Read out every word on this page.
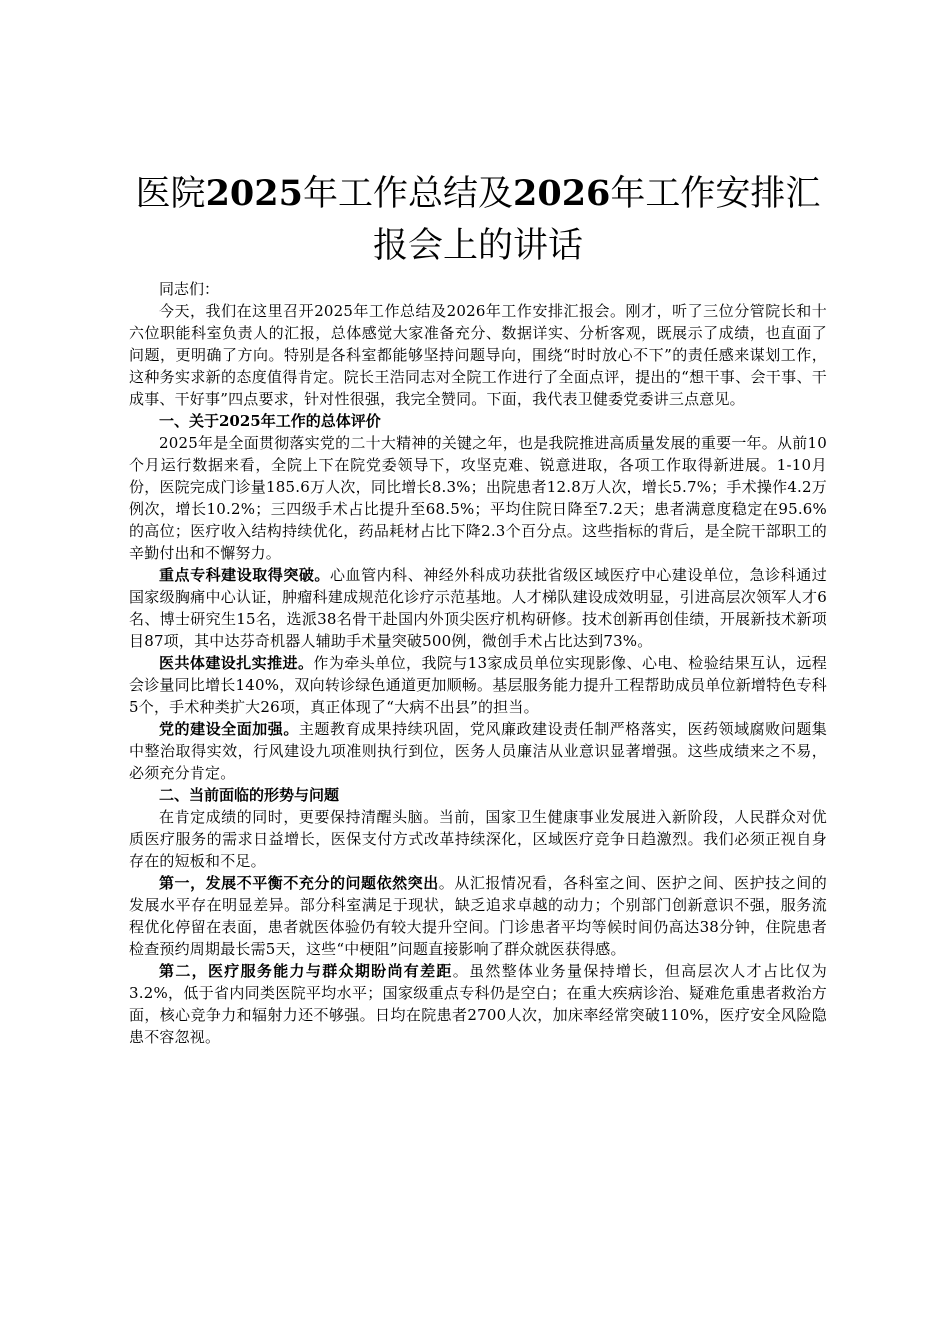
医院2025年工作总结及2026年工作安排汇报会上的讲话

同志们：

今天，我们在这里召开2025年工作总结及2026年工作安排汇报会。刚才，听了三位分管院长和十六位职能科室负责人的汇报，总体感觉大家准备充分、数据详实、分析客观，既展示了成绩，也直面了问题，更明确了方向。特别是各科室都能够坚持问题导向，围绕“时时放心不下”的责任感来谋划工作，这种务实求新的态度值得肯定。院长王浩同志对全院工作进行了全面点评，提出的“想干事、会干事、干成事、干好事”四点要求，针对性很强，我完全赞同。下面，我代表卫健委党委讲三点意见。

一、关于2025年工作的总体评价

2025年是全面贯彻落实党的二十大精神的关键之年，也是我院推进高质量发展的重要一年。从前10个月运行数据来看，全院上下在院党委领导下，攻坚克难、锐意进取，各项工作取得新进展。1-10月份，医院完成门诊量185.6万人次，同比增长8.3%；出院患者12.8万人次，增长5.7%；手术操作4.2万例次，增长10.2%；三四级手术占比提升至68.5%；平均住院日降至7.2天；患者满意度稳定在95.6%的高位；医疗收入结构持续优化，药品耗材占比下降2.3个百分点。这些指标的背后，是全院干部职工的辛勤付出和不懈努力。

重点专科建设取得突破。心血管内科、神经外科成功获批省级区域医疗中心建设单位，急诊科通过国家级胸痛中心认证，肿瘤科建成规范化诊疗示范基地。人才梯队建设成效明显，引进高层次领军人才6名、博士研究生15名，选派38名骨干赴国内外顶尖医疗机构研修。技术创新再创佳绩，开展新技术新项目87项，其中达芬奇机器人辅助手术量突破500例，微创手术占比达到73%。

医共体建设扎实推进。作为牵头单位，我院与13家成员单位实现影像、心电、检验结果互认，远程会诊量同比增长140%，双向转诊绿色通道更加顺畅。基层服务能力提升工程帮助成员单位新增特色专科5个，手术种类扩大26项，真正体现了“大病不出县”的担当。

党的建设全面加强。主题教育成果持续巩固，党风廉政建设责任制严格落实，医药领域腐败问题集中整治取得实效，行风建设九项准则执行到位，医务人员廉洁从业意识显著增强。这些成绩来之不易，必须充分肯定。

二、当前面临的形势与问题

在肯定成绩的同时，更要保持清醒头脑。当前，国家卫生健康事业发展进入新阶段，人民群众对优质医疗服务的需求日益增长，医保支付方式改革持续深化，区域医疗竞争日趋激烈。我们必须正视自身存在的短板和不足。

第一，发展不平衡不充分的问题依然突出。从汇报情况看，各科室之间、医护之间、医护技之间的发展水平存在明显差异。部分科室满足于现状，缺乏追求卓越的动力；个别部门创新意识不强，服务流程优化停留在表面，患者就医体验仍有较大提升空间。门诊患者平均等候时间仍高达38分钟，住院患者检查预约周期最长需5天，这些“中梗阻”问题直接影响了群众就医获得感。

第二，医疗服务能力与群众期盼尚有差距。虽然整体业务量保持增长，但高层次人才占比仅为3.2%，低于省内同类医院平均水平；国家级重点专科仍是空白；在重大疾病诊治、疑难危重患者救治方面，核心竞争力和辐射力还不够强。日均在院患者2700人次，加床率经常突破110%，医疗安全风险隐患不容忽视。
